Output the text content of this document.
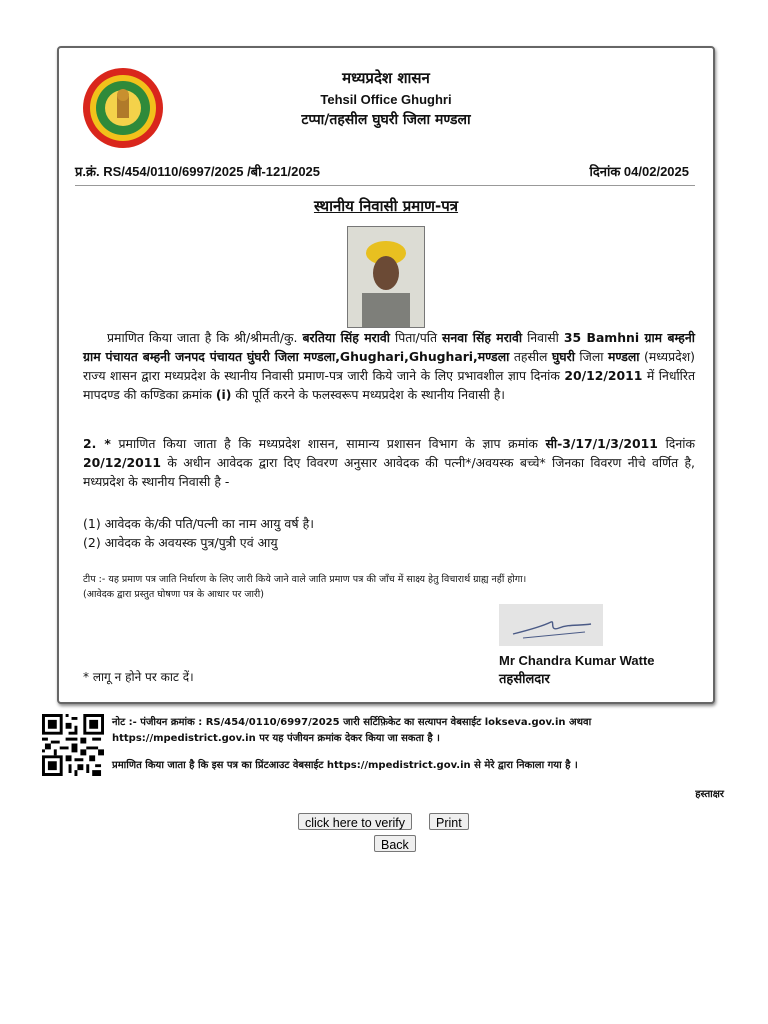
मध्यप्रदेश शासन
Tehsil Office Ghughri
टप्पा/तहसील घुघरी जिला मण्डला
प्र.क्रं. RS/454/0110/6997/2025 /बी-121/2025	दिनांक 04/02/2025
स्थानीय निवासी प्रमाण-पत्र
प्रमाणित किया जाता है कि श्री/श्रीमती/कु. बरतिया सिंह मरावी पिता/पति सनवा सिंह मरावी निवासी 35 Bamhni ग्राम बम्हनी ग्राम पंचायत बम्हनी जनपद पंचायत घुंघरी जिला मण्डला,Ghughari,Ghughari,मण्डला तहसील घुघरी जिला मण्डला (मध्यप्रदेश) राज्य शासन द्वारा मध्यप्रदेश के स्थानीय निवासी प्रमाण-पत्र जारी किये जाने के लिए प्रभावशील ज्ञाप दिनांक 20/12/2011 में निर्धारित मापदण्ड की कण्डिका क्रमांक (i) की पूर्ति करने के फलस्वरूप मध्यप्रदेश के स्थानीय निवासी है।
2. * प्रमाणित किया जाता है कि मध्यप्रदेश शासन, सामान्य प्रशासन विभाग के ज्ञाप क्रमांक सी-3/17/1/3/2011 दिनांक 20/12/2011 के अधीन आवेदक द्वारा दिए विवरण अनुसार आवेदक की पत्नी*/अवयस्क बच्चे* जिनका विवरण नीचे वर्णित है, मध्यप्रदेश के स्थानीय निवासी है -
(1) आवेदक के/की पति/पत्नी का नाम आयु वर्ष है।
(2) आवेदक के अवयस्क पुत्र/पुत्री एवं आयु
टीप :- यह प्रमाण पत्र जाति निर्धारण के लिए जारी किये जाने वाले जाति प्रमाण पत्र की जाँच में साक्ष्य हेतु विचारार्थ ग्राह्य नहीं होगा।
(आवेदक द्वारा प्रस्तुत घोषणा पत्र के आधार पर जारी)
Mr Chandra Kumar Watte
तहसीलदार
* लागू न होने पर काट दें।
नोट :- पंजीयन क्रमांक : RS/454/0110/6997/2025 जारी सर्टिफ़िकेट का सत्यापन वेबसाईट lokseva.gov.in अथवा https://mpedistrict.gov.in पर यह पंजीयन क्रमांक देकर किया जा सकता है ।
प्रमाणित किया जाता है कि इस पत्र का प्रिंटआउट वेबसाईट https://mpedistrict.gov.in से मेरे द्वारा निकाला गया है ।
हस्ताक्षर
click here to verify	Print
Back
